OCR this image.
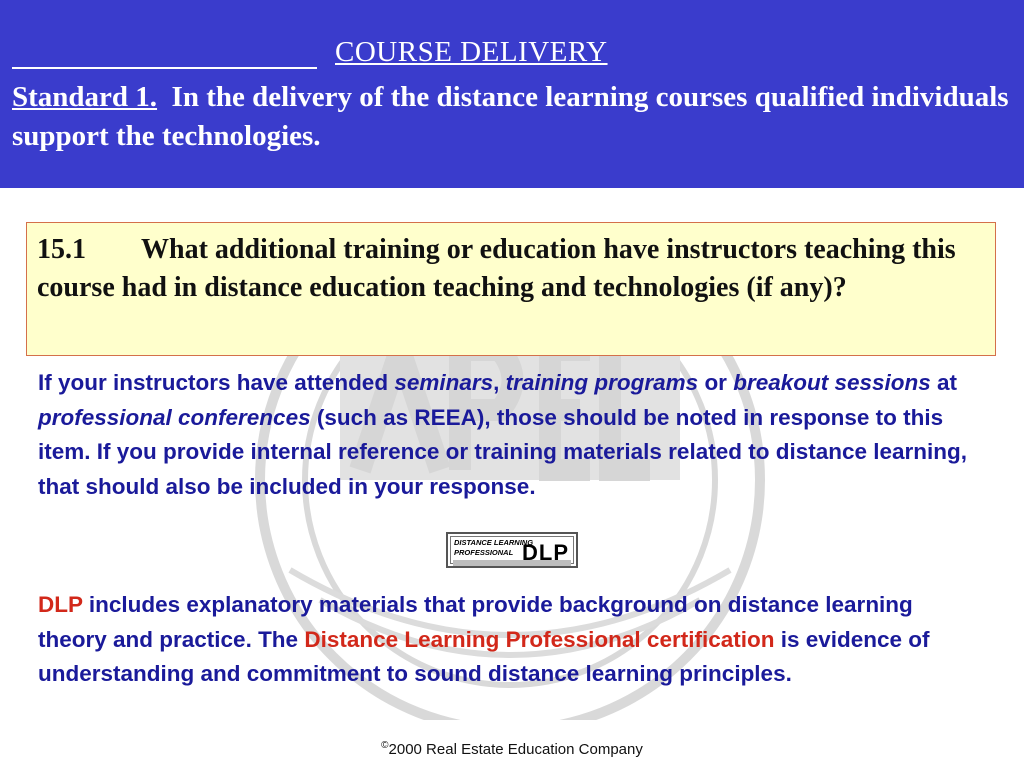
COURSE DELIVERY
Standard 1. In the delivery of the distance learning courses qualified individuals support the technologies.
15.1 What additional training or education have instructors teaching this course had in distance education teaching and technologies (if any)?
If your instructors have attended seminars, training programs or breakout sessions at professional conferences (such as REEA), those should be noted in response to this item. If you provide internal reference or training materials related to distance learning, that should also be included in your response.
DISTANCE LEARNING
PROFESSIONAL DLP
DLP includes explanatory materials that provide background on distance learning theory and practice. The Distance Learning Professional certification is evidence of understanding and commitment to sound distance learning principles.
©2000 Real Estate Education Company
